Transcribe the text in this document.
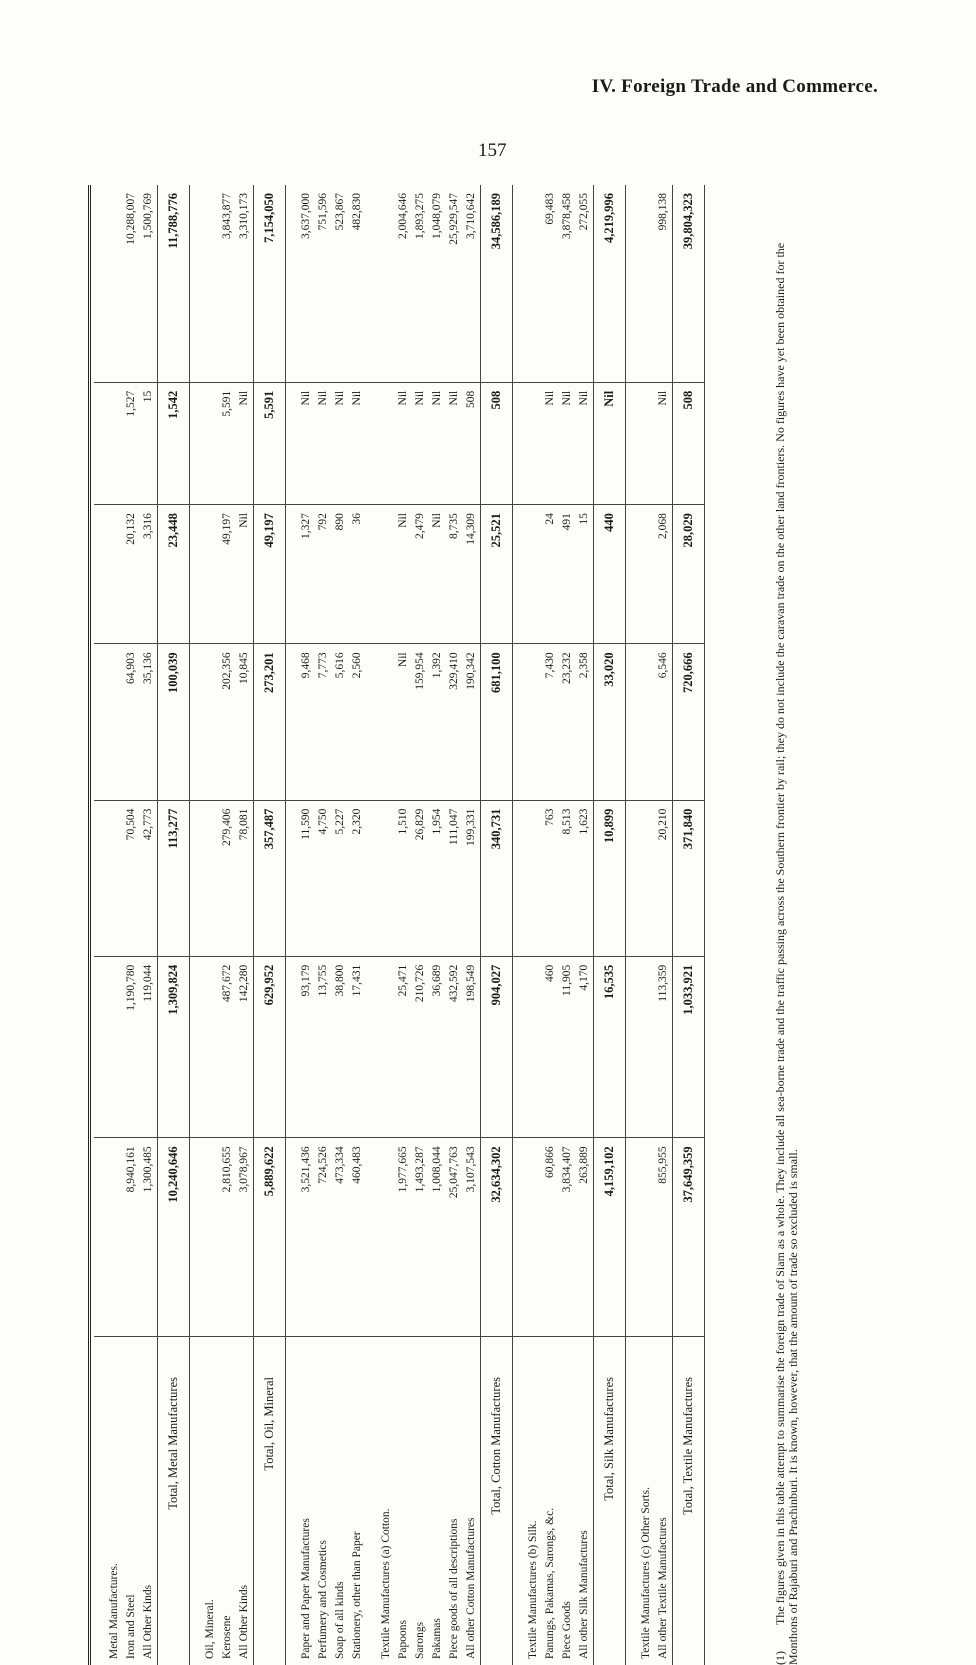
IV. Foreign Trade and Commerce.
157
Metal Manufactures.							
Iron and Steel	8,940,161	1,190,780	70,504	64,903	20,132	1,527	10,288,007
All Other Kinds	1,300,485	119,044	42,773	35,136	3,316	15	1,500,769
Total, Metal Manufactures	10,240,646	1,309,824	113,277	100,039	23,448	1,542	11,788,776
Oil, Mineral.							
Kerosene	2,810,655	487,672	279,406	202,356	49,197	5,591	3,843,877
All Other Kinds	3,078,967	142,280	78,081	10,845	Nil	Nil	3,310,173
Total, Oil, Mineral	5,889,622	629,952	357,487	273,201	49,197	5,591	7,154,050
Paper and Paper Manufactures	3,521,436	93,179	11,590	9,468	1,327	Nil	3,637,000
Perfumery and Cosmetics	724,526	13,755	4,750	7,773	792	Nil	751,596
Soap of all kinds	473,334	38,800	5,227	5,616	890	Nil	523,867
Stationery, other than Paper	460,483	17,431	2,320	2,560	36	Nil	482,830
Textile Manufactures (a) Cotton.							
Papoons	1,977,665	25,471	1,510	Nil	Nil	Nil	2,004,646
Sarongs	1,493,287	210,726	26,829	159,954	2,479	Nil	1,893,275
Pakamas	1,008,044	36,689	1,954	1,392	Nil	Nil	1,048,079
Piece goods of all descriptions	25,047,763	432,592	111,047	329,410	8,735	Nil	25,929,547
All other Cotton Manufactures	3,107,543	198,549	199,331	190,342	14,309	508	3,710,642
Total, Cotton Manufactures	32,634,302	904,027	340,731	681,100	25,521	508	34,586,189
Textile Manufactures (b) Silk.							
Panungs, Pakamas, Sarongs, &c.	60,866	460	763	7,430	24	Nil	69,483
Piece Goods	3,834,407	11,905	8,513	23,232	491	Nil	3,878,458
All other Silk Manufactures	263,889	4,170	1,623	2,358	15	Nil	272,055
Total, Silk Manufactures	4,159,102	16,535	10,899	33,020	440	Nil	4,219,996
Textile Manufactures (c) Other Sorts.							
All other Textile Manufactures	855,955	113,359	20,210	6,546	2,068	Nil	998,138
Total, Textile Manufactures	37,649,359	1,033,921	371,840	720,666	28,029	508	39,804,323
(1)The figures given in this table attempt to summarise the foreign trade of Siam as a whole. They include all sea-borne trade and the traffic passing across the Southern frontier by rail; they do not include the caravan trade on the other land frontiers. No figures have yet been obtained for the Monthons of Rajaburi and Prachinburi. It is known, however, that the amount of trade so excluded is small.
